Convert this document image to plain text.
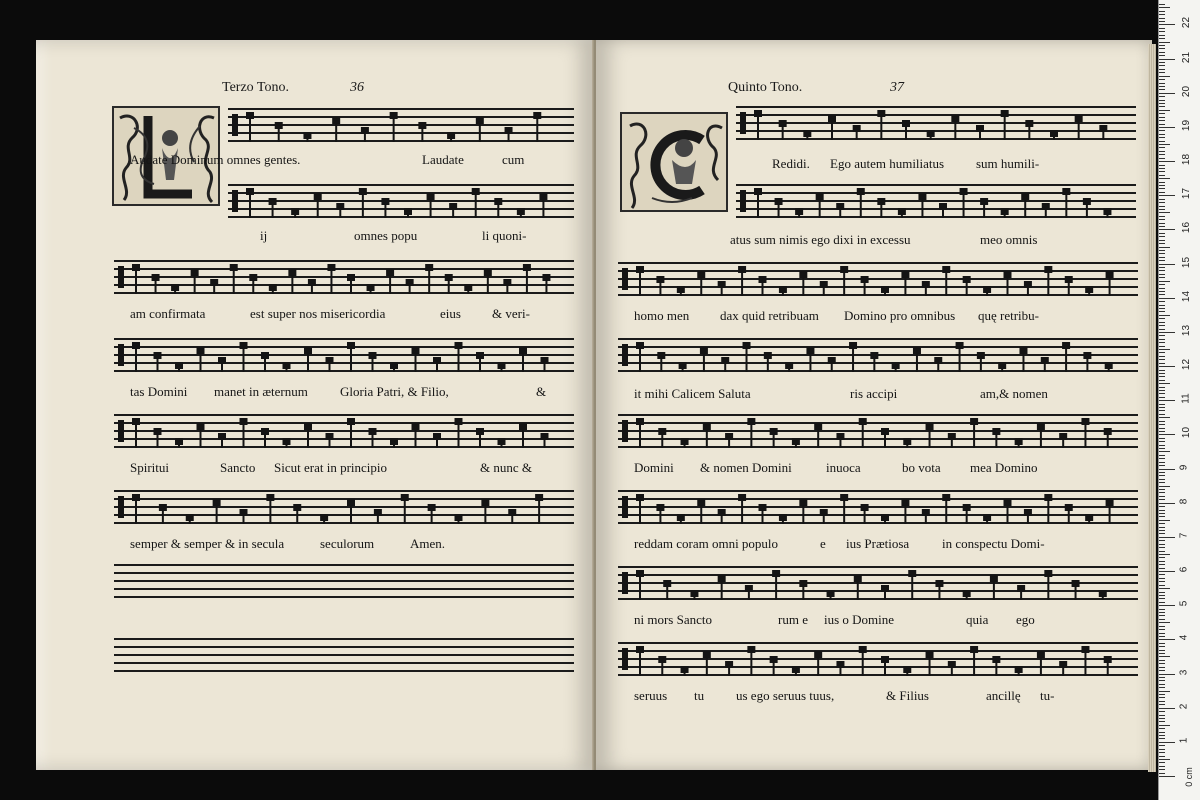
Terzo Tono.	36
Audate Dominum omnes gentes.	Laudate	cum
ij	omnes popu	li quoni-
am confirmata	est super nos misericordia	eius & veri-
tas Domini manet in æternum Gloria Patri, & Filio,	&
Spiritui	Sancto Sicut erat in principio	& nunc &
semper & semper & in secula	seculorum	Amen.
Quinto Tono.	37
Redidi. Ego autem humiliatus sum humili-
atus sum nimis ego dixi in excessu	meo omnis
homo men dax quid retribuam Domino pro omnibus quę retribu-
it mihi Calicem Saluta	ris accipi	am,& nomen
Domini & nomen Domini	inuoca	bo vota mea Domino
reddam coram omni populo	e ius Prætiosa	in conspectu Domi-
ni mors Sancto	rum e ius o Domine	quia ego
seruus tu us ego seruus tuus,	& Filius	ancillę tu-
0 cm
1
2
3
4
5
6
7
8
9
10
11
12
13
14
15
16
17
18
19
20
21
22
